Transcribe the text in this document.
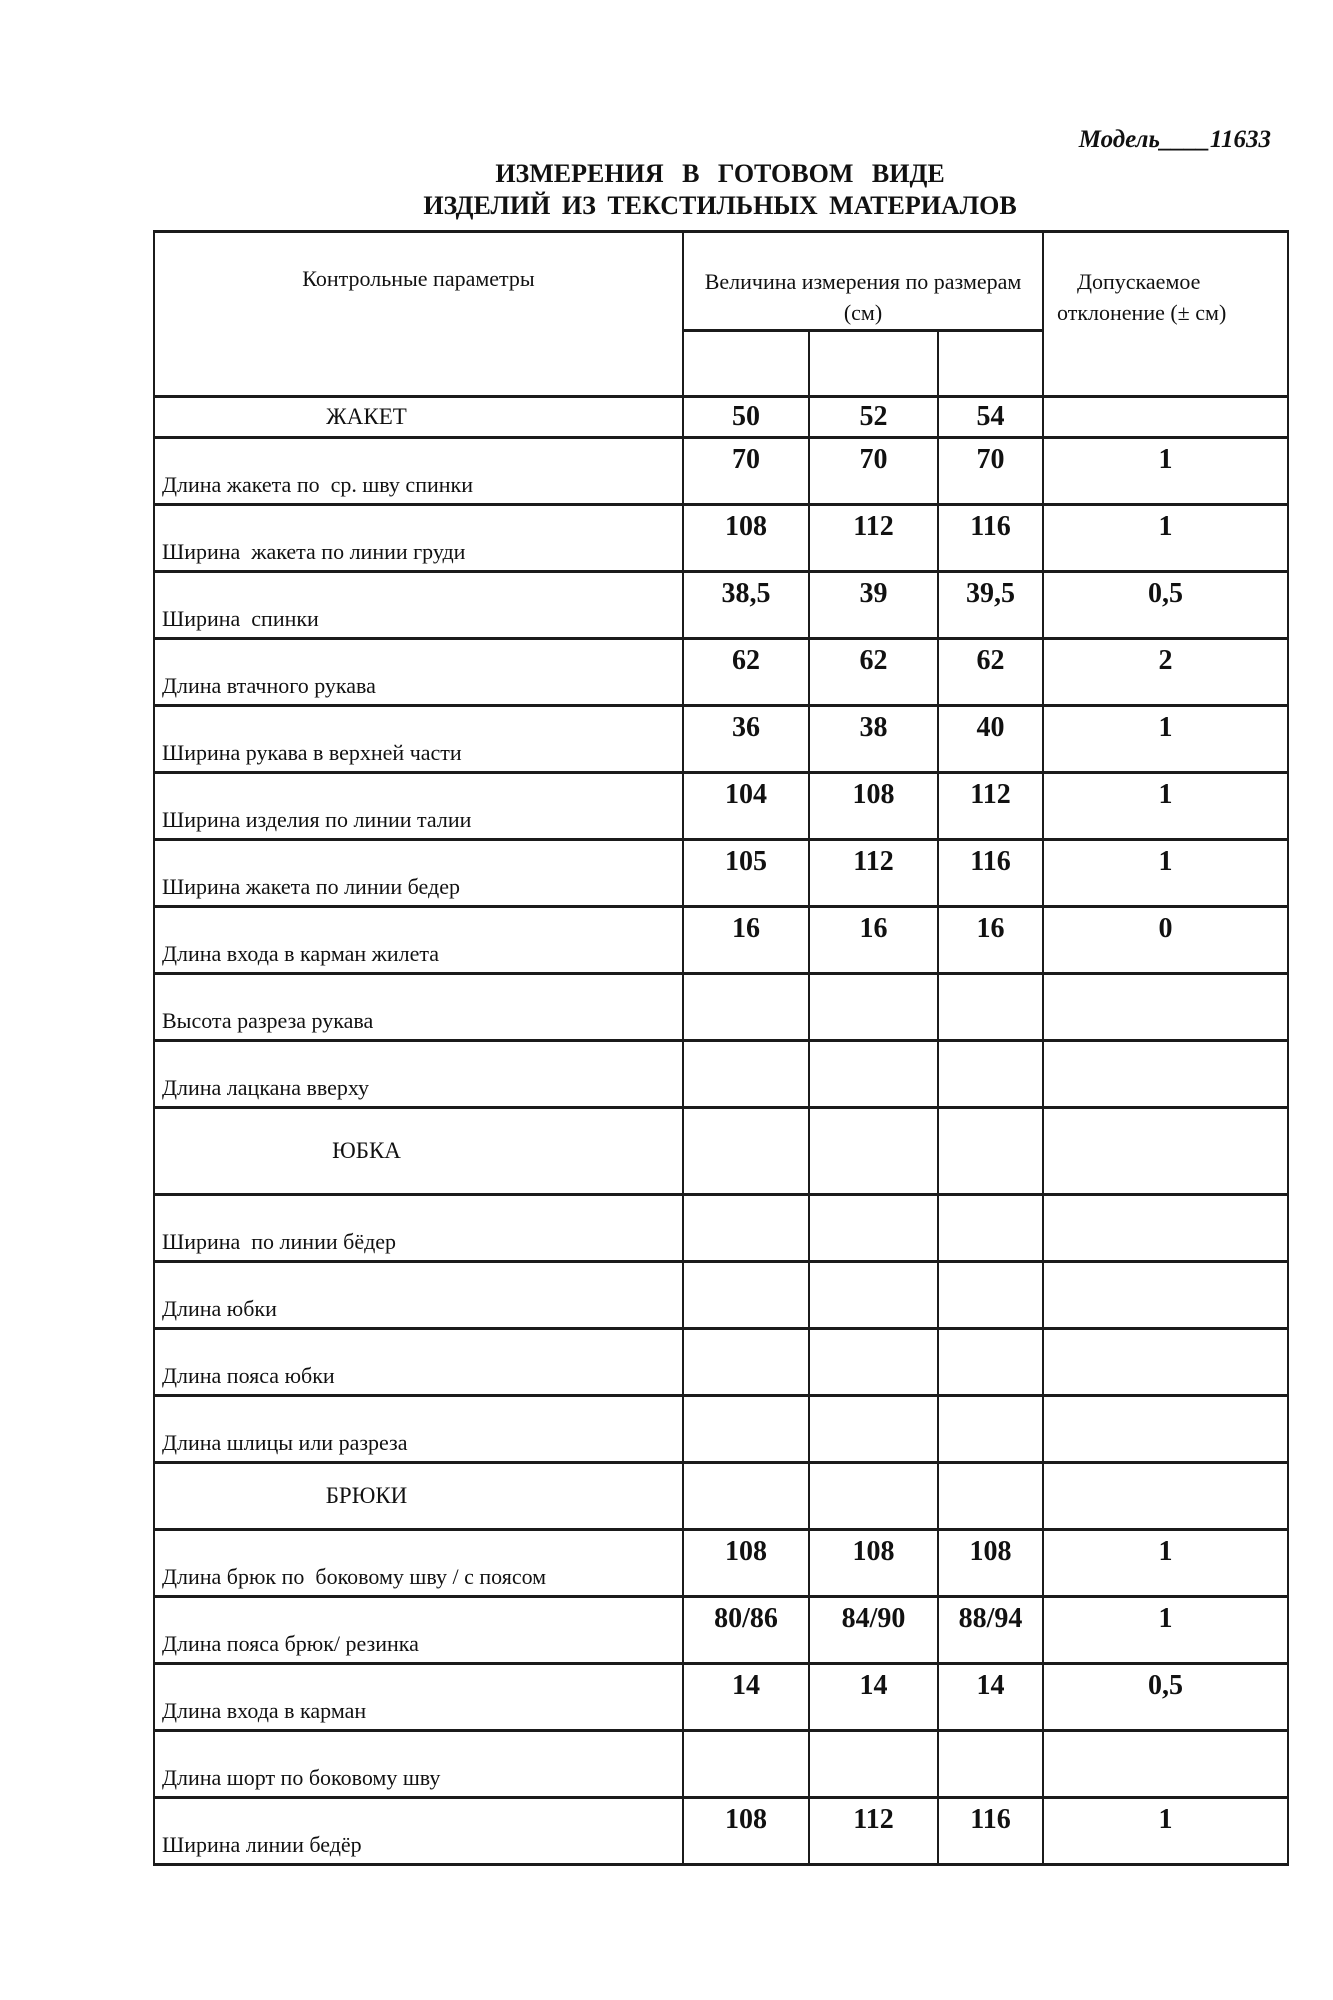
Модель____11633
ИЗМЕРЕНИЯ В ГОТОВОМ ВИДЕ
ИЗДЕЛИЙ ИЗ ТЕКСТИЛЬНЫХ МАТЕРИАЛОВ
Контрольные параметры	Величина измерения по размерам (см)			Допускаемое отклонение (± см)

ЖАКЕТ	50	52	54	
Длина жакета по  ср. шву спинки	70	70	70	1
Ширина  жакета по линии груди	108	112	116	1
Ширина  спинки	38,5	39	39,5	0,5
Длина втачного рукава	62	62	62	2
Ширина рукава в верхней части	36	38	40	1
Ширина изделия по линии талии	104	108	112	1
Ширина жакета по линии бедер	105	112	116	1
Длина входа в карман жилета	16	16	16	0
Высота разреза рукава				
Длина лацкана вверху				
ЮБКА				
Ширина  по линии бёдер				
Длина юбки				
Длина пояса юбки				
Длина шлицы или разреза				
БРЮКИ				
Длина брюк по  боковому шву / с поясом	108	108	108	1
Длина пояса брюк/ резинка	80/86	84/90	88/94	1
Длина входа в карман	14	14	14	0,5
Длина шорт по боковому шву				
Ширина линии бедёр	108	112	116	1
